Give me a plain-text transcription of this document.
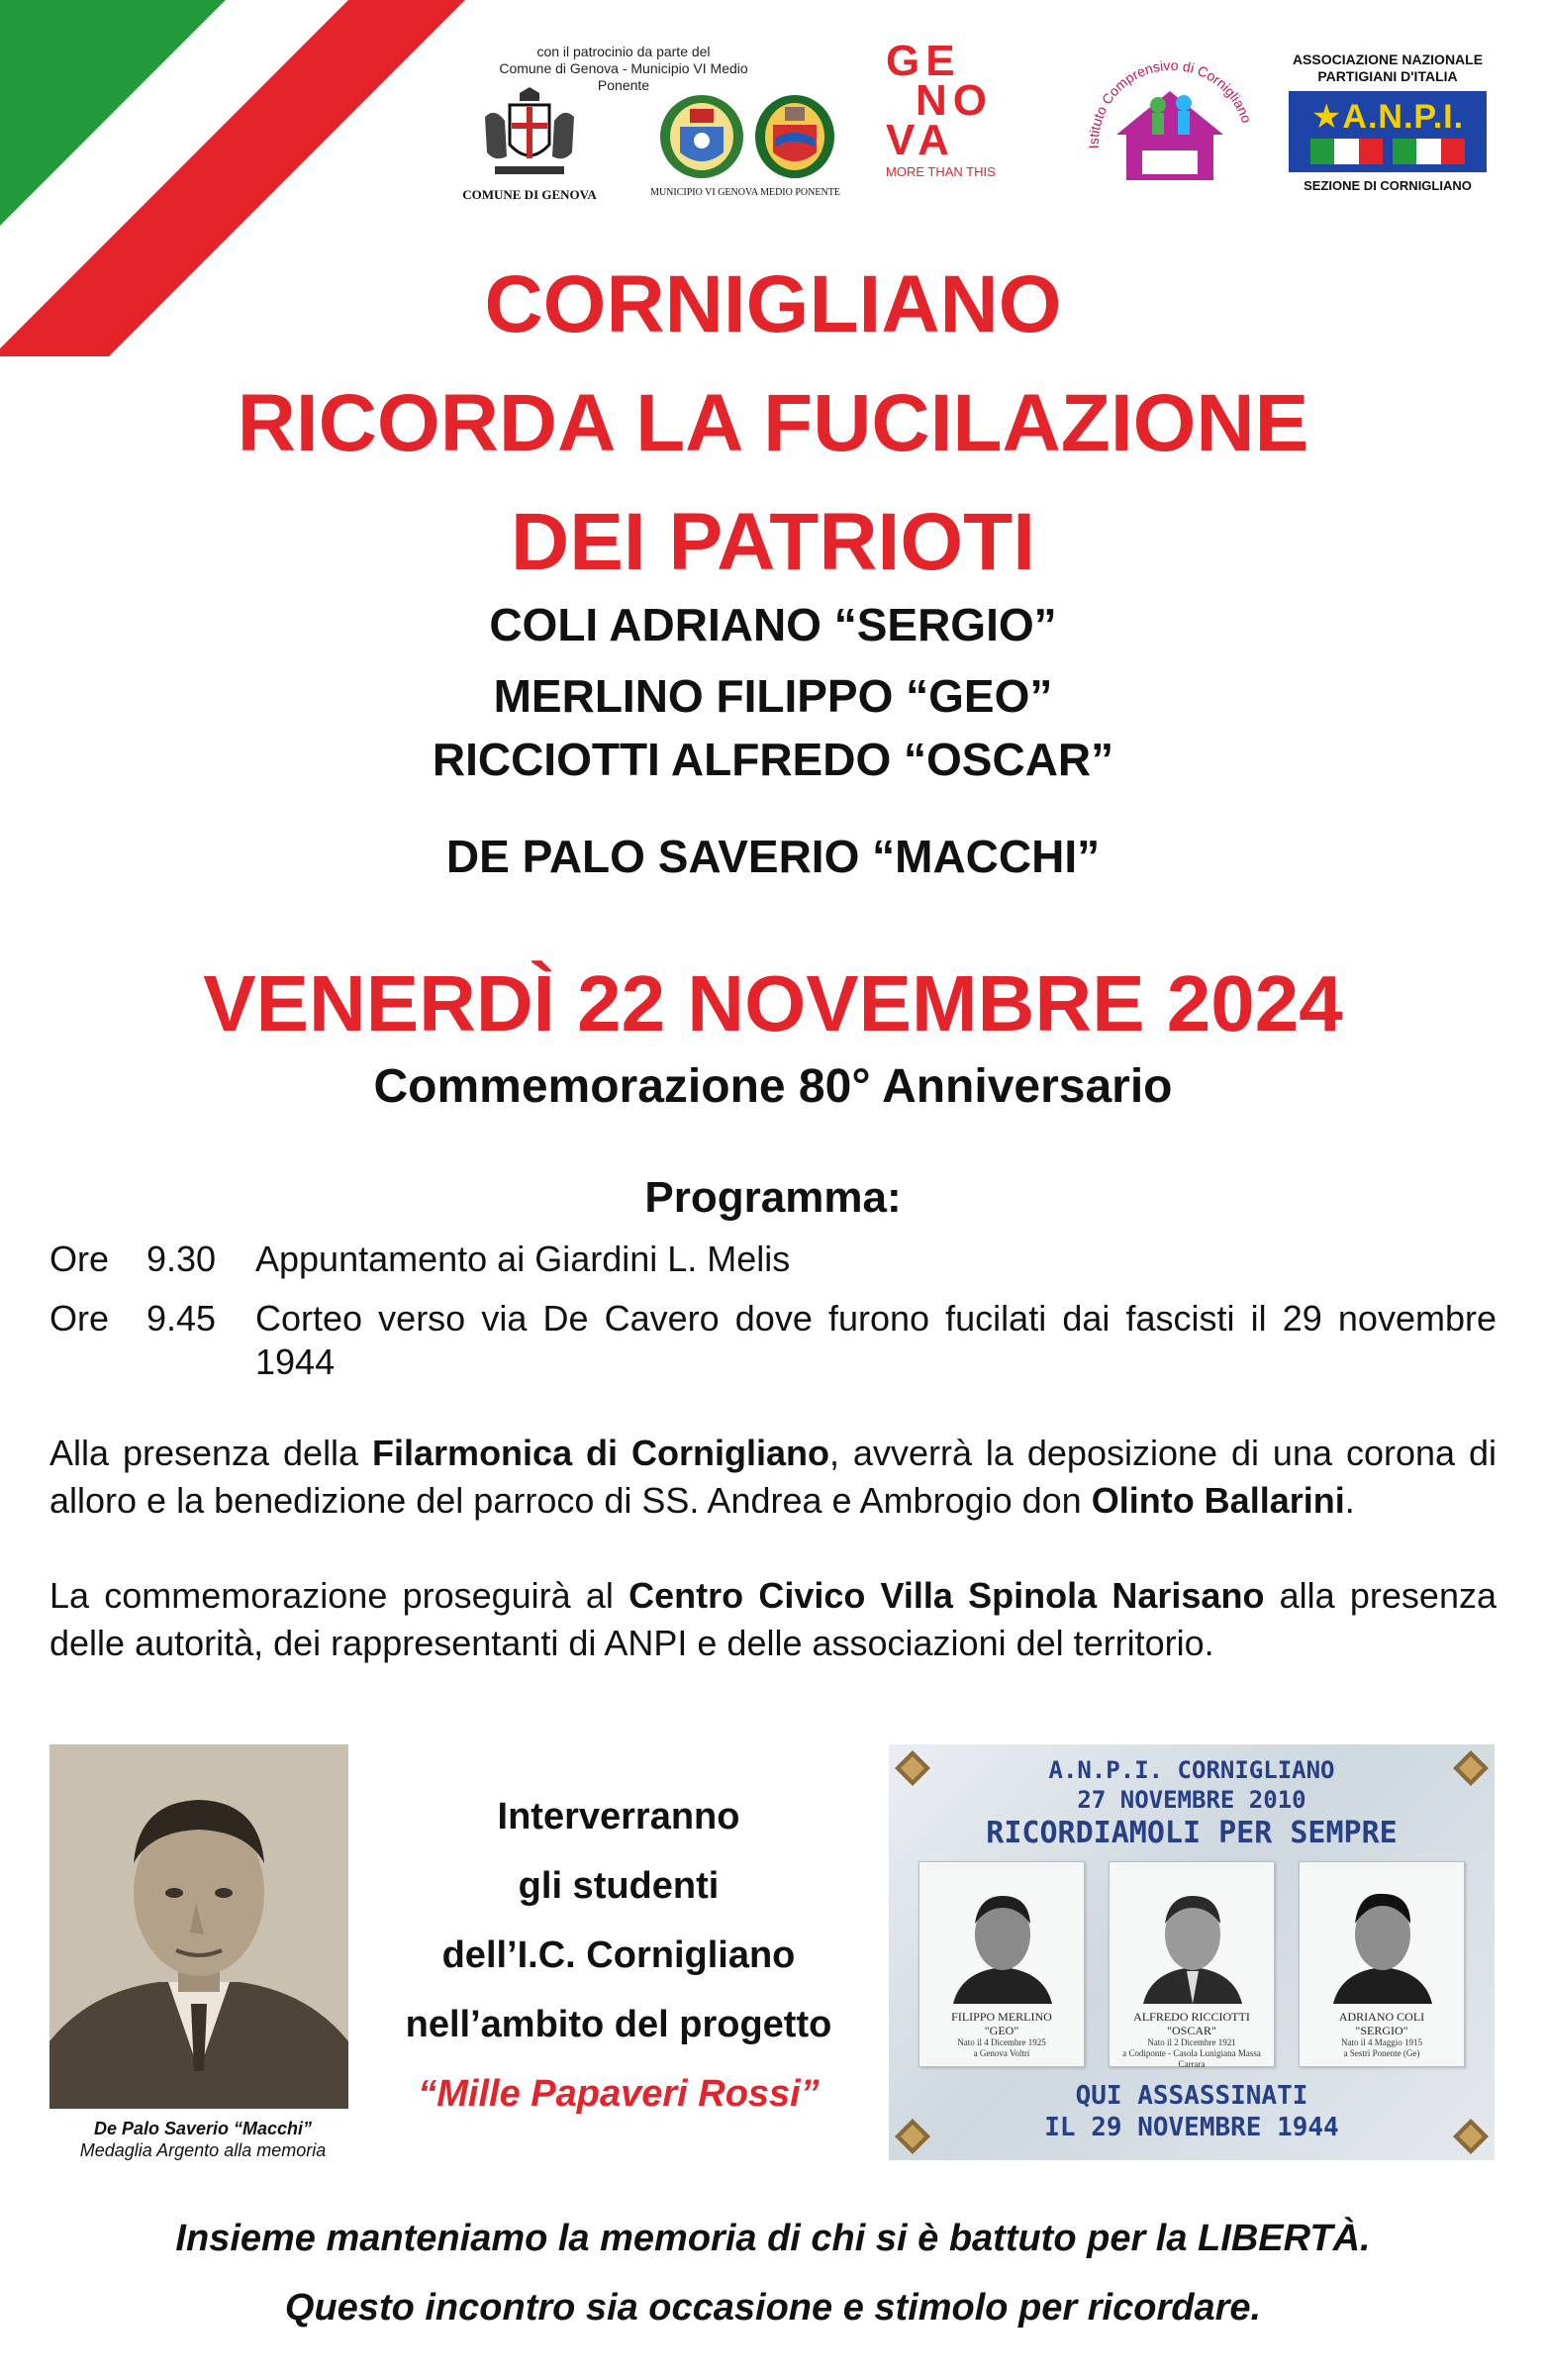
con il patrocinio da parte del
Comune di Genova - Municipio VI Medio Ponente
COMUNE DI GENOVA	MUNICIPIO VI GENOVA MEDIO PONENTE
GE
NO
VA
MORE THAN THIS
Istituto Comprensivo di Cornigliano
ASSOCIAZIONE NAZIONALE
PARTIGIANI D'ITALIA
★A.N.P.I.
SEZIONE DI CORNIGLIANO
CORNIGLIANO
RICORDA LA FUCILAZIONE
DEI PATRIOTI
COLI ADRIANO “SERGIO”
MERLINO FILIPPO “GEO”
RICCIOTTI ALFREDO “OSCAR”
DE PALO SAVERIO “MACCHI”
VENERDÌ 22 NOVEMBRE 2024
Commemorazione 80° Anniversario
Programma:
Ore	9.30	Appuntamento ai Giardini L. Melis
Ore	9.45	Corteo verso via De Cavero dove furono fucilati dai fascisti il 29 novembre 1944
Alla presenza della Filarmonica di Cornigliano, avverrà la deposizione di una corona di alloro e la benedizione del parroco di SS. Andrea e Ambrogio don Olinto Ballarini.
La commemorazione proseguirà al Centro Civico Villa Spinola Narisano alla presenza delle autorità, dei rappresentanti di ANPI e delle associazioni del territorio.
De Palo Saverio “Macchi”
Medaglia Argento alla memoria
Interverranno
gli studenti
dell’I.C. Cornigliano
nell’ambito del progetto
“Mille Papaveri Rossi”
A.N.P.I. CORNIGLIANO
27 NOVEMBRE 2010
RICORDIAMOLI PER SEMPRE
FILIPPO MERLINO
"GEO"
Nato il 4 Dicembre 1925
a Genova Voltri
ALFREDO RICCIOTTI
"OSCAR"
Nato il 2 Dicembre 1921
a Codiponte - Casola Lunigiana Massa Carrara
ADRIANO COLI
"SERGIO"
Nato il 4 Maggio 1915
a Sestri Ponente (Ge)
QUI ASSASSINATI
IL 29 NOVEMBRE 1944
Insieme manteniamo la memoria di chi si è battuto per la LIBERTÀ.
Questo incontro sia occasione e stimolo per ricordare.
